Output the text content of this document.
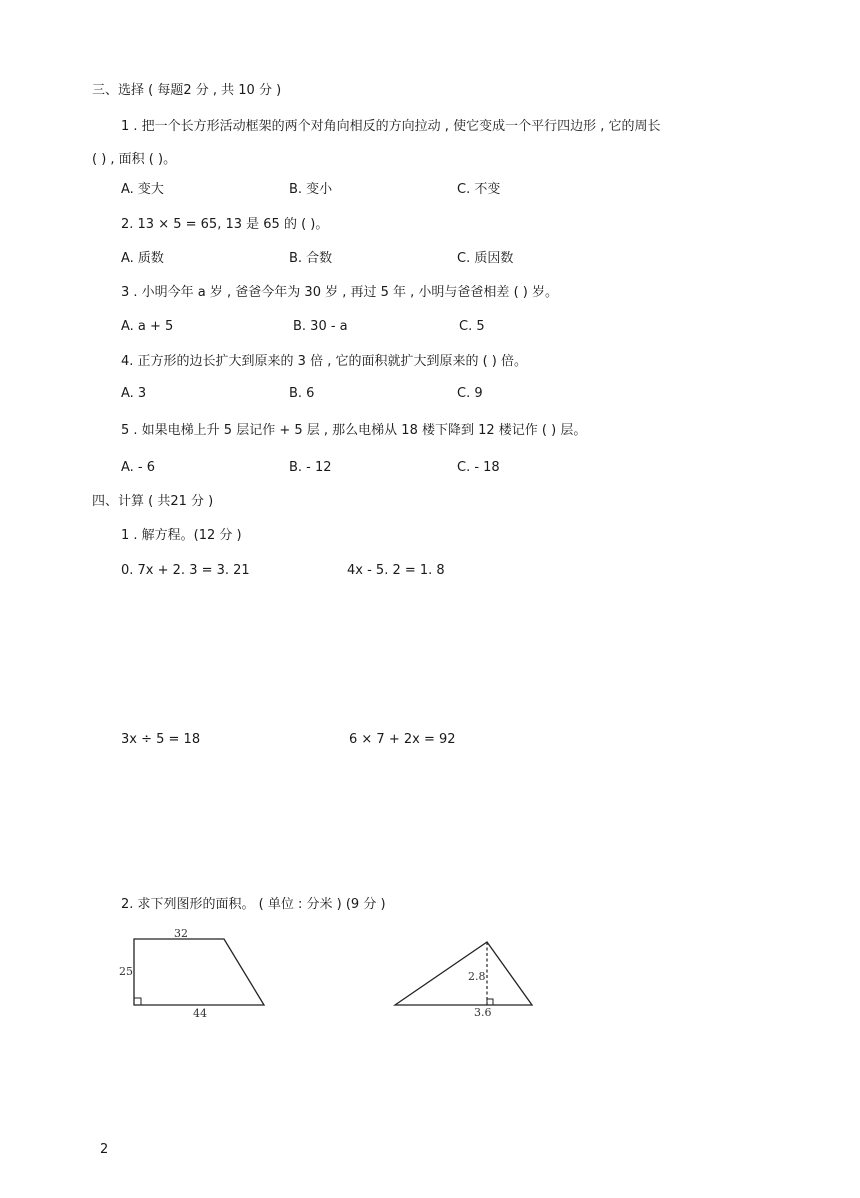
三、选择 ( 每题2 分 , 共 10 分 )
1 . 把一个长方形活动框架的两个对角向相反的方向拉动 , 使它变成一个平行四边形 , 它的周长
( ) , 面积 ( )。
A. 变大	B. 变小	C. 不变
2. 13 × 5 = 65, 13 是 65 的 ( )。
A. 质数	B. 合数	C. 质因数
3 . 小明今年 a 岁 , 爸爸今年为 30 岁 , 再过 5 年 , 小明与爸爸相差 ( ) 岁。
A. a + 5	B. 30 - a	C. 5
4. 正方形的边长扩大到原来的 3 倍 , 它的面积就扩大到原来的 ( ) 倍。
A. 3	B. 6	C. 9
5 . 如果电梯上升 5 层记作 + 5 层 , 那么电梯从 18 楼下降到 12 楼记作 ( ) 层。
A. - 6	B. - 12	C. - 18
四、计算 ( 共21 分 )
1 . 解方程。(12 分 )
0. 7x + 2. 3 = 3. 21	4x - 5. 2 = 1. 8
3x ÷ 5 = 18	6 × 7 + 2x = 92
2. 求下列图形的面积。 ( 单位 : 分米 ) (9 分 )
32
25
44
2.8
3.6
2
